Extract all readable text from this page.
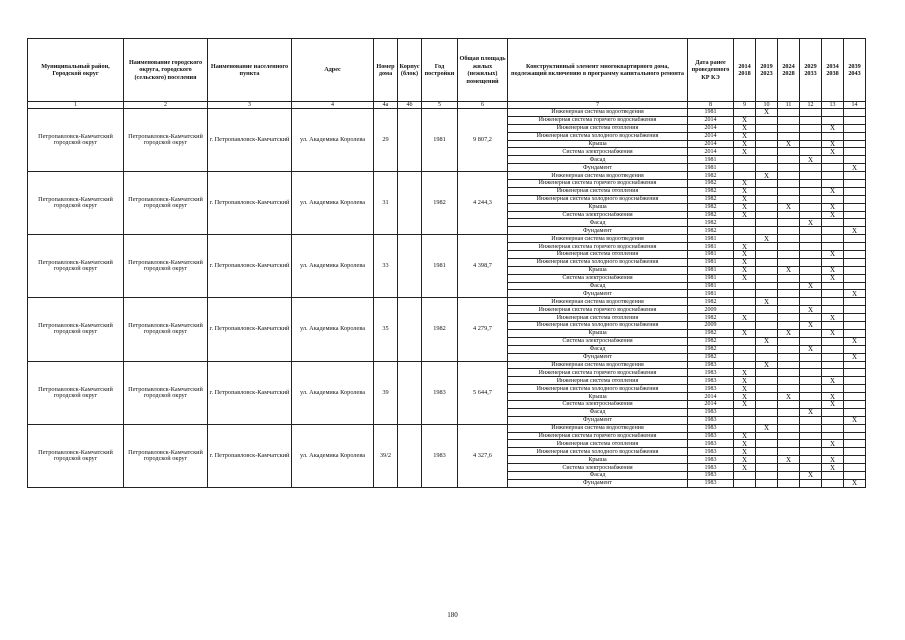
Муниципальный район, Городской округ	Наименование городского округа, городского (сельского) поселения	Наименование населенного пункта	Адрес	Номер дома	Корпус (блок)	Год постройки	Общая площадь жилых (нежилых) помещений	Конструктивный элемент многоквартирного дома, подлежащий включению в программу капитального ремонта	Дата ранее проведенного КР КЭ	2014 2018	2019 2023	2024 2028	2029 2033	2034 2038	2039 2043
1	2	3	4	4а	4б	5	6	7	8	9	10	11	12	13	14
Петропавловск-Камчатский городской округ	Петропавловск-Камчатский городской округ	г. Петропавловск-Камчатский	ул. Академика Королева	29		1981	9 807,2	Инженерная система водоотведения	1981		X				
								Инженерная система горячего водоснабжения	2014	X					
								Инженерная система отопления	2014	X				X	
								Инженерная система холодного водоснабжения	2014	X					
								Крыша	2014	X		X		X	
								Система электроснабжения	2014	X				X	
								Фасад	1981				X		
								Фундамент	1981						X
Петропавловск-Камчатский городской округ	Петропавловск-Камчатский городской округ	г. Петропавловск-Камчатский	ул. Академика Королева	31		1982	4 244,3	Инженерная система водоотведения	1982		X				
								Инженерная система горячего водоснабжения	1982	X					
								Инженерная система отопления	1982	X				X	
								Инженерная система холодного водоснабжения	1982	X					
								Крыша	1982	X		X		X	
								Система электроснабжения	1982	X				X	
								Фасад	1982				X		
								Фундамент	1982						X
Петропавловск-Камчатский городской округ	Петропавловск-Камчатский городской округ	г. Петропавловск-Камчатский	ул. Академика Королева	33		1981	4 398,7	Инженерная система водоотведения	1981		X				
								Инженерная система горячего водоснабжения	1981	X					
								Инженерная система отопления	1981	X				X	
								Инженерная система холодного водоснабжения	1981	X					
								Крыша	1981	X		X		X	
								Система электроснабжения	1981	X				X	
								Фасад	1981				X		
								Фундамент	1981						X
Петропавловск-Камчатский городской округ	Петропавловск-Камчатский городской округ	г. Петропавловск-Камчатский	ул. Академика Королева	35		1982	4 279,7	Инженерная система водоотведения	1982		X				
								Инженерная система горячего водоснабжения	2009				X		
								Инженерная система отопления	1982	X				X	
								Инженерная система холодного водоснабжения	2009				X		
								Крыша	1982	X		X		X	
								Система электроснабжения	1982		X				X
								Фасад	1982				X		
								Фундамент	1982						X
Петропавловск-Камчатский городской округ	Петропавловск-Камчатский городской округ	г. Петропавловск-Камчатский	ул. Академика Королева	39		1983	5 644,7	Инженерная система водоотведения	1983		X				
								Инженерная система горячего водоснабжения	1983	X					
								Инженерная система отопления	1983	X				X	
								Инженерная система холодного водоснабжения	1983	X					
								Крыша	2014	X		X		X	
								Система электроснабжения	2014	X				X	
								Фасад	1983				X		
								Фундамент	1983						X
Петропавловск-Камчатский городской округ	Петропавловск-Камчатский городской округ	г. Петропавловск-Камчатский	ул. Академика Королева	39/2		1983	4 327,6	Инженерная система водоотведения	1983		X				
								Инженерная система горячего водоснабжения	1983	X					
								Инженерная система отопления	1983	X				X	
								Инженерная система холодного водоснабжения	1983	X					
								Крыша	1983	X		X		X	
								Система электроснабжения	1983	X				X	
								Фасад	1983				X		
								Фундамент	1983						X
180
